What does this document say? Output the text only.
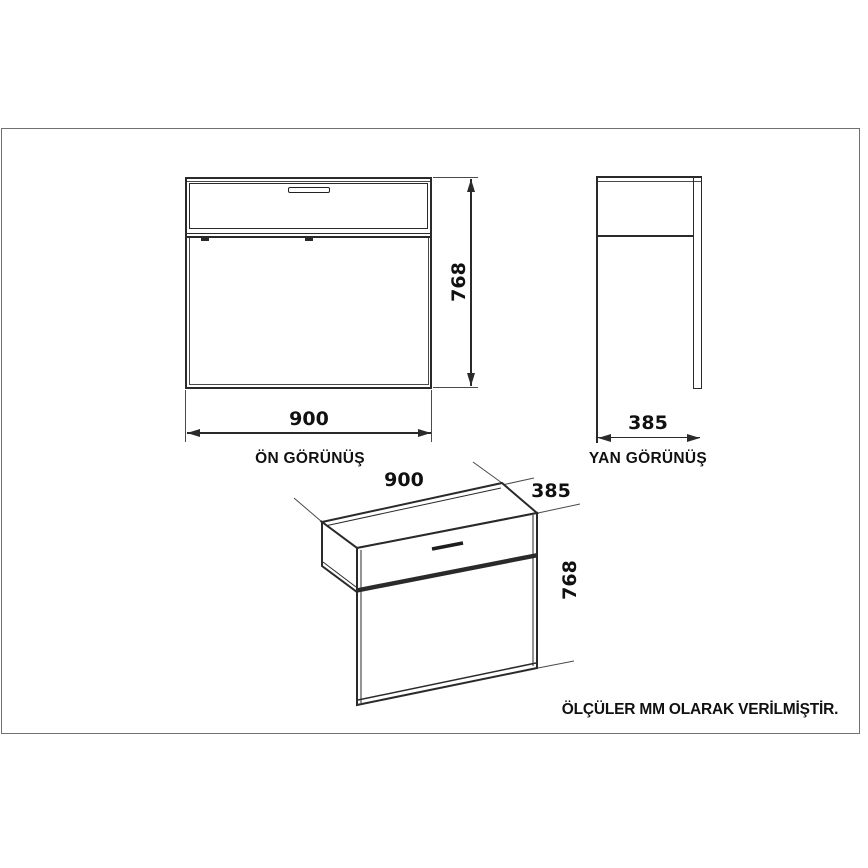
768
900
ÖN GÖRÜNÜŞ
385
YAN GÖRÜNÜŞ
900	385
768
ÖLÇÜLER MM OLARAK VERİLMİŞTİR.
